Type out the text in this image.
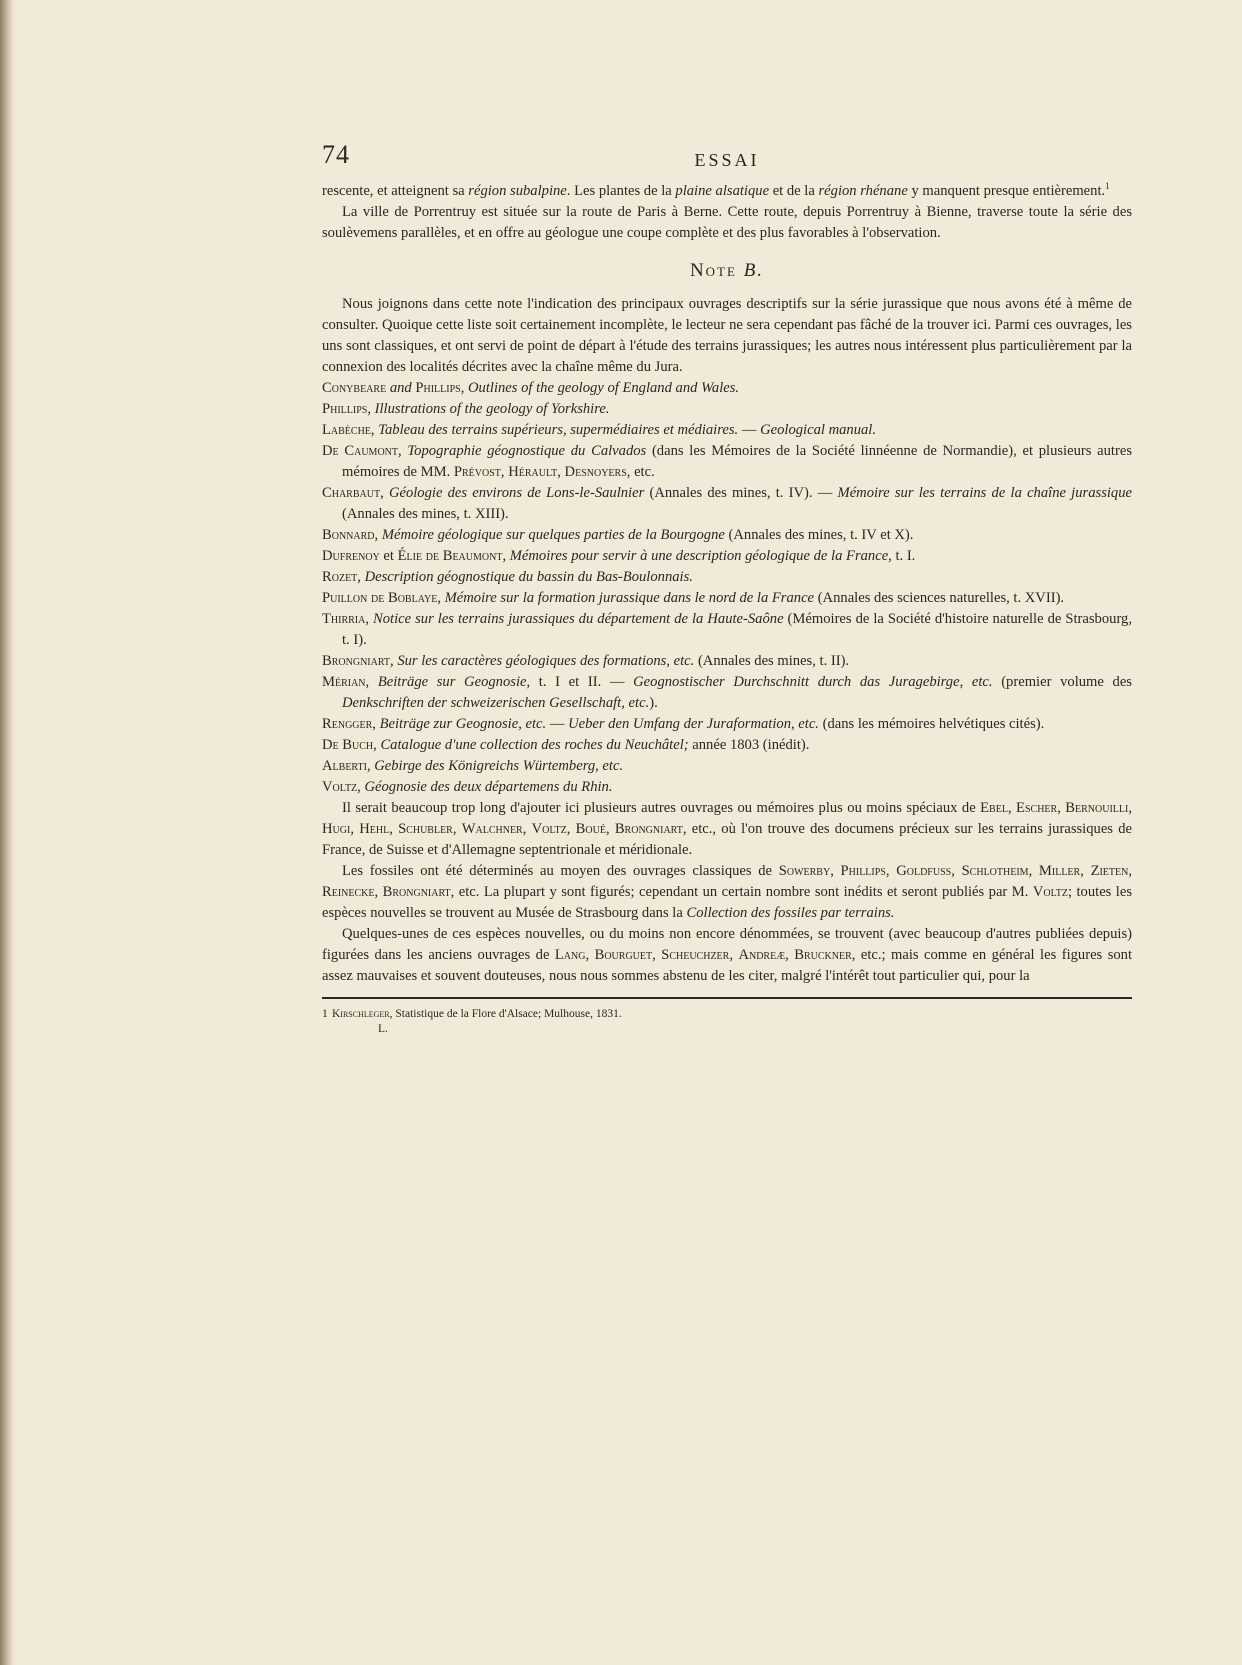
74	ESSAI

rescente, et atteignent sa région subalpine. Les plantes de la plaine alsatique et de la région rhénane y manquent presque entièrement.$^1$

La ville de Porrentruy est située sur la route de Paris à Berne. Cette route, depuis Porrentruy à Bienne, traverse toute la série des soulèvemens parallèles, et en offre au géologue une coupe complète et des plus favorables à l'observation.

Note B.

Nous joignons dans cette note l'indication des principaux ouvrages descriptifs sur la série jurassique que nous avons été à même de consulter. Quoique cette liste soit certainement incomplète, le lecteur ne sera cependant pas fâché de la trouver ici. Parmi ces ouvrages, les uns sont classiques, et ont servi de point de départ à l'étude des terrains jurassiques; les autres nous intéressent plus particulièrement par la connexion des localités décrites avec la chaîne même du Jura.

Conybeare and Phillips, Outlines of the geology of England and Wales.

Phillips, Illustrations of the geology of Yorkshire.

Labèche, Tableau des terrains supérieurs, supermédiaires et médiaires. — Geological manual.

De Caumont, Topographie géognostique du Calvados (dans les Mémoires de la Société linnéenne de Normandie), et plusieurs autres mémoires de MM. Prévost, Hérault, Desnoyers, etc.

Charbaut, Géologie des environs de Lons-le-Saulnier (Annales des mines, t. IV). — Mémoire sur les terrains de la chaîne jurassique (Annales des mines, t. XIII).

Bonnard, Mémoire géologique sur quelques parties de la Bourgogne (Annales des mines, t. IV et X).

Dufrenoy et Élie de Beaumont, Mémoires pour servir à une description géologique de la France, t. I.

Rozet, Description géognostique du bassin du Bas-Boulonnais.

Puillon de Boblaye, Mémoire sur la formation jurassique dans le nord de la France (Annales des sciences naturelles, t. XVII).

Thirria, Notice sur les terrains jurassiques du département de la Haute-Saône (Mémoires de la Société d'histoire naturelle de Strasbourg, t. I).

Brongniart, Sur les caractères géologiques des formations, etc. (Annales des mines, t. II).

Mérian, Beiträge sur Geognosie, t. I et II. — Geognostischer Durchschnitt durch das Juragebirge, etc. (premier volume des Denkschriften der schweizerischen Gesellschaft, etc.).

Rengger, Beiträge zur Geognosie, etc. — Ueber den Umfang der Juraformation, etc. (dans les mémoires helvétiques cités).

De Buch, Catalogue d'une collection des roches du Neuchâtel; année 1803 (inédit).

Alberti, Gebirge des Königreichs Würtemberg, etc.

Voltz, Géognosie des deux départemens du Rhin.

Il serait beaucoup trop long d'ajouter ici plusieurs autres ouvrages ou mémoires plus ou moins spéciaux de Ebel, Escher, Bernouilli, Hugi, Hehl, Schubler, Walchner, Voltz, Boué, Brongniart, etc., où l'on trouve des documens précieux sur les terrains jurassiques de France, de Suisse et d'Allemagne septentrionale et méridionale.

Les fossiles ont été déterminés au moyen des ouvrages classiques de Sowerby, Phillips, Goldfuss, Schlotheim, Miller, Zieten, Reinecke, Brongniart, etc. La plupart y sont figurés; cependant un certain nombre sont inédits et seront publiés par M. Voltz; toutes les espèces nouvelles se trouvent au Musée de Strasbourg dans la Collection des fossiles par terrains.

Quelques-unes de ces espèces nouvelles, ou du moins non encore dénommées, se trouvent (avec beaucoup d'autres publiées depuis) figurées dans les anciens ouvrages de Lang, Bourguet, Scheuchzer, Andreæ, Bruckner, etc.; mais comme en général les figures sont assez mauvaises et souvent douteuses, nous nous sommes abstenu de les citer, malgré l'intérêt tout particulier qui, pour la

1 Kirschleger, Statistique de la Flore d'Alsace; Mulhouse, 1831.
L.
